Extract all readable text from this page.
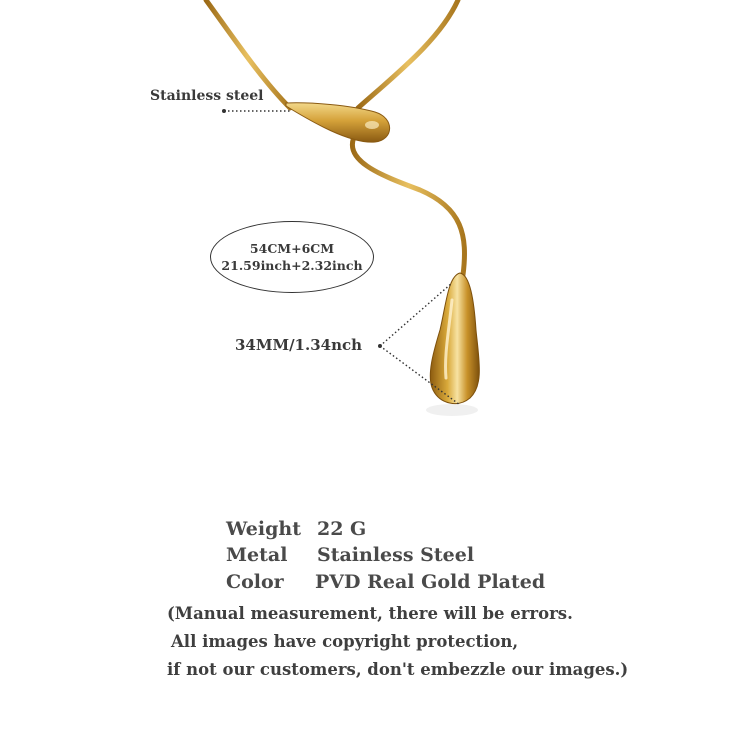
Stainless steel
54CM+6CM
21.59inch+2.32inch
34MM/1.34nch
Weight 22 G
Metal Stainless Steel
Color PVD Real Gold Plated
(Manual measurement, there will be errors.
All images have copyright protection,
if not our customers, don't embezzle our images.)
